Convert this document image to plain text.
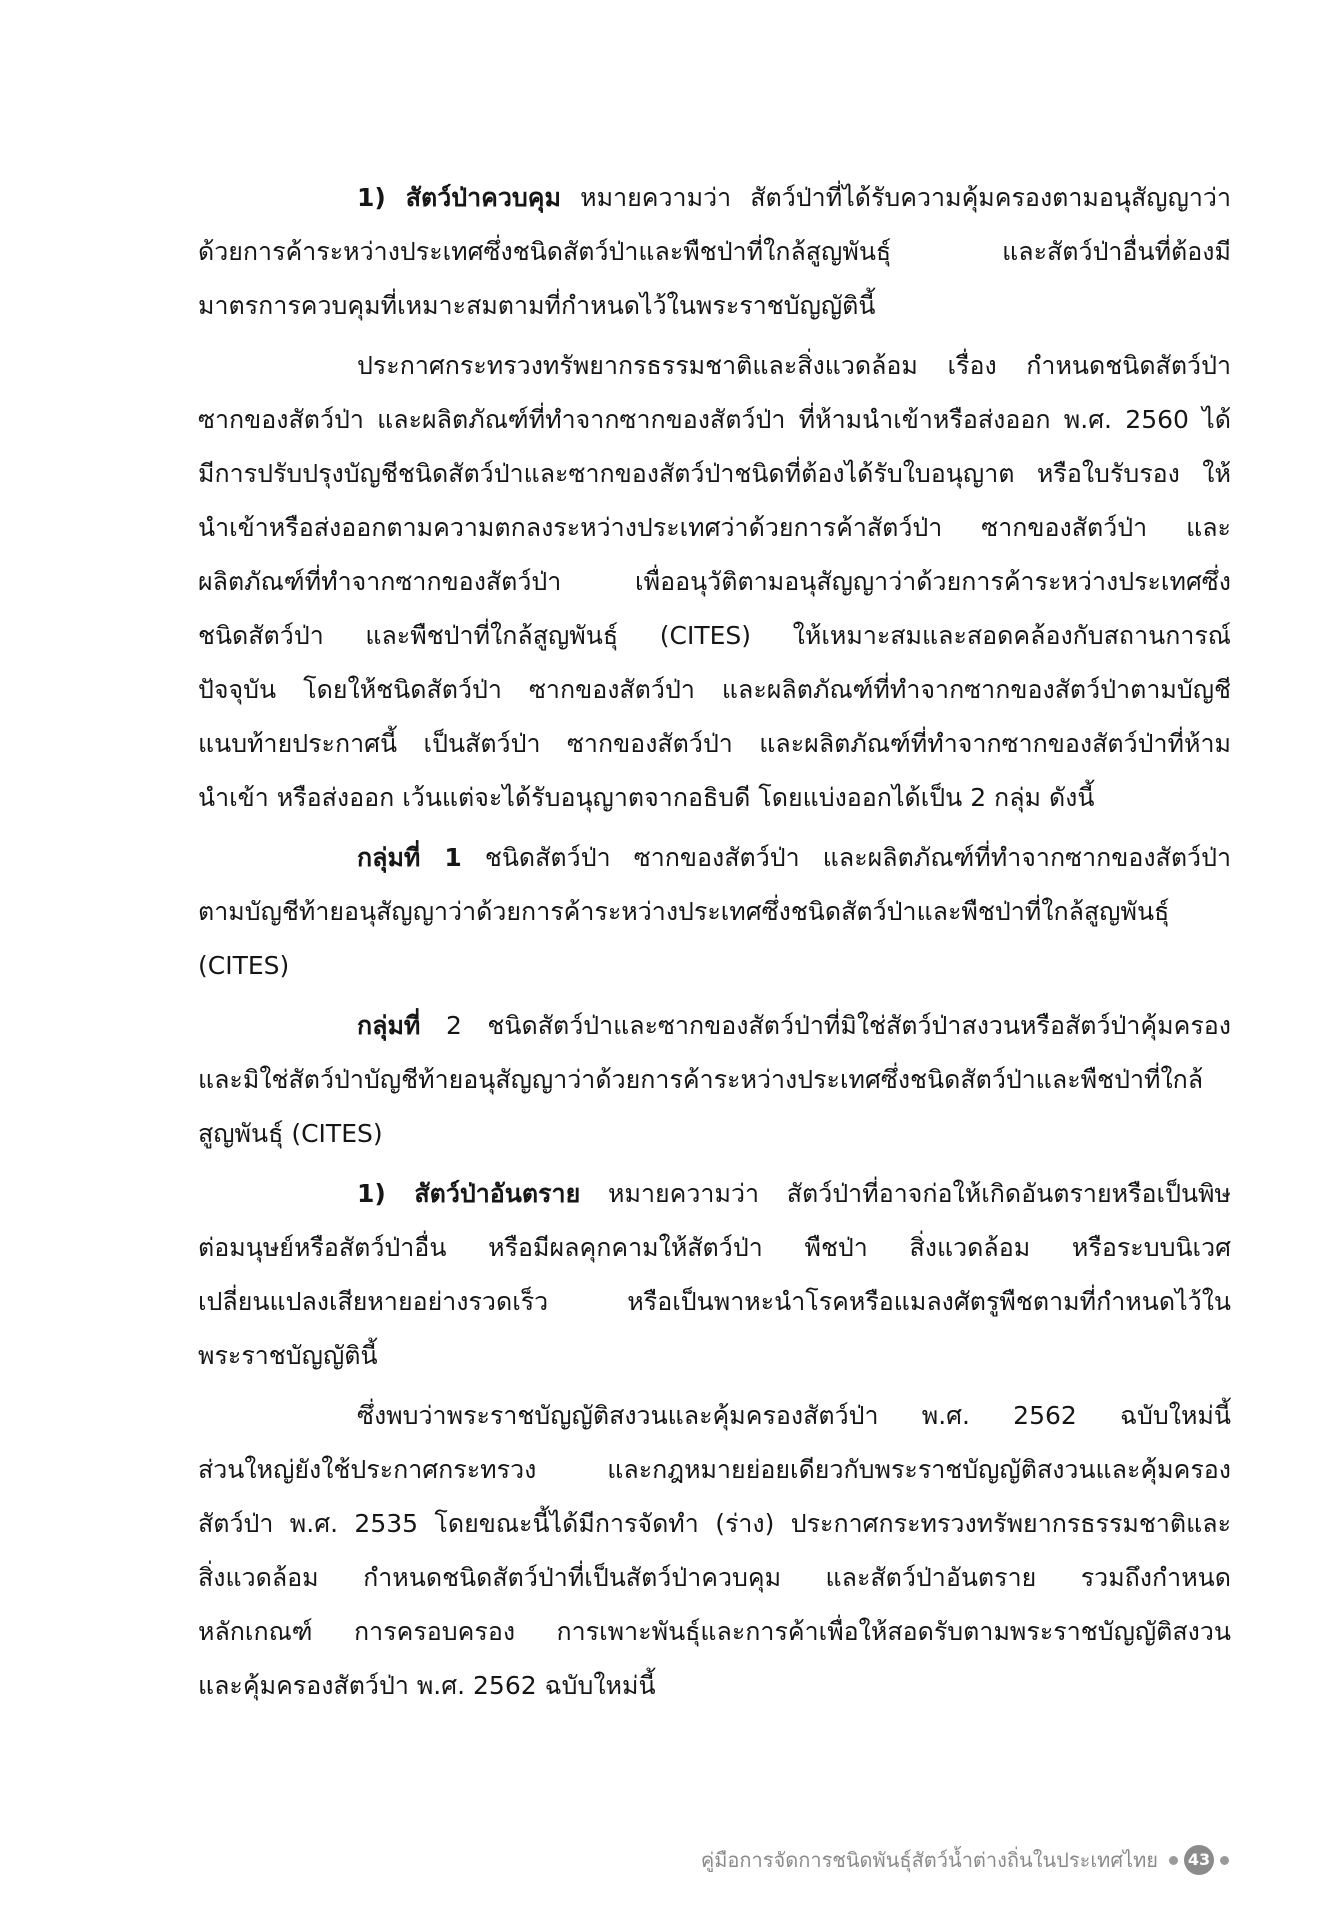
1) สัตว์ป่าควบคุม หมายความว่า สัตว์ป่าที่ได้รับความคุ้มครองตามอนุสัญญาว่า
ด้วยการค้าระหว่างประเทศซึ่งชนิดสัตว์ป่าและพืชป่าที่ใกล้สูญพันธุ์ และสัตว์ป่าอื่นที่ต้องมี
มาตรการควบคุมที่เหมาะสมตามที่กำหนดไว้ในพระราชบัญญัตินี้
ประกาศกระทรวงทรัพยากรธรรมชาติและสิ่งแวดล้อม เรื่อง กำหนดชนิดสัตว์ป่า
ซากของสัตว์ป่า และผลิตภัณฑ์ที่ทำจากซากของสัตว์ป่า ที่ห้ามนำเข้าหรือส่งออก พ.ศ. 2560 ได้
มีการปรับปรุงบัญชีชนิดสัตว์ป่าและซากของสัตว์ป่าชนิดที่ต้องได้รับใบอนุญาต หรือใบรับรอง ให้
นำเข้าหรือส่งออกตามความตกลงระหว่างประเทศว่าด้วยการค้าสัตว์ป่า ซากของสัตว์ป่า และ
ผลิตภัณฑ์ที่ทำจากซากของสัตว์ป่า เพื่ออนุวัติตามอนุสัญญาว่าด้วยการค้าระหว่างประเทศซึ่ง
ชนิดสัตว์ป่า และพืชป่าที่ใกล้สูญพันธุ์ (CITES) ให้เหมาะสมและสอดคล้องกับสถานการณ์
ปัจจุบัน โดยให้ชนิดสัตว์ป่า ซากของสัตว์ป่า และผลิตภัณฑ์ที่ทำจากซากของสัตว์ป่าตามบัญชี
แนบท้ายประกาศนี้ เป็นสัตว์ป่า ซากของสัตว์ป่า และผลิตภัณฑ์ที่ทำจากซากของสัตว์ป่าที่ห้าม
นำเข้า หรือส่งออก เว้นแต่จะได้รับอนุญาตจากอธิบดี โดยแบ่งออกได้เป็น 2 กลุ่ม ดังนี้
กลุ่มที่ 1 ชนิดสัตว์ป่า ซากของสัตว์ป่า และผลิตภัณฑ์ที่ทำจากซากของสัตว์ป่า
ตามบัญชีท้ายอนุสัญญาว่าด้วยการค้าระหว่างประเทศซึ่งชนิดสัตว์ป่าและพืชป่าที่ใกล้สูญพันธุ์
(CITES)
กลุ่มที่ 2 ชนิดสัตว์ป่าและซากของสัตว์ป่าที่มิใช่สัตว์ป่าสงวนหรือสัตว์ป่าคุ้มครอง
และมิใช่สัตว์ป่าบัญชีท้ายอนุสัญญาว่าด้วยการค้าระหว่างประเทศซึ่งชนิดสัตว์ป่าและพืชป่าที่ใกล้
สูญพันธุ์ (CITES)
1) สัตว์ป่าอันตราย หมายความว่า สัตว์ป่าที่อาจก่อให้เกิดอันตรายหรือเป็นพิษ
ต่อมนุษย์หรือสัตว์ป่าอื่น หรือมีผลคุกคามให้สัตว์ป่า พืชป่า สิ่งแวดล้อม หรือระบบนิเวศ
เปลี่ยนแปลงเสียหายอย่างรวดเร็ว หรือเป็นพาหะนำโรคหรือแมลงศัตรูพืชตามที่กำหนดไว้ใน
พระราชบัญญัตินี้
ซึ่งพบว่าพระราชบัญญัติสงวนและคุ้มครองสัตว์ป่า พ.ศ. 2562 ฉบับใหม่นี้
ส่วนใหญ่ยังใช้ประกาศกระทรวง และกฎหมายย่อยเดียวกับพระราชบัญญัติสงวนและคุ้มครอง
สัตว์ป่า พ.ศ. 2535 โดยขณะนี้ได้มีการจัดทำ (ร่าง) ประกาศกระทรวงทรัพยากรธรรมชาติและ
สิ่งแวดล้อม กำหนดชนิดสัตว์ป่าที่เป็นสัตว์ป่าควบคุม และสัตว์ป่าอันตราย รวมถึงกำหนด
หลักเกณฑ์ การครอบครอง การเพาะพันธุ์และการค้าเพื่อให้สอดรับตามพระราชบัญญัติสงวน
และคุ้มครองสัตว์ป่า พ.ศ. 2562 ฉบับใหม่นี้
คู่มือการจัดการชนิดพันธุ์สัตว์น้ำต่างถิ่นในประเทศไทย 43
